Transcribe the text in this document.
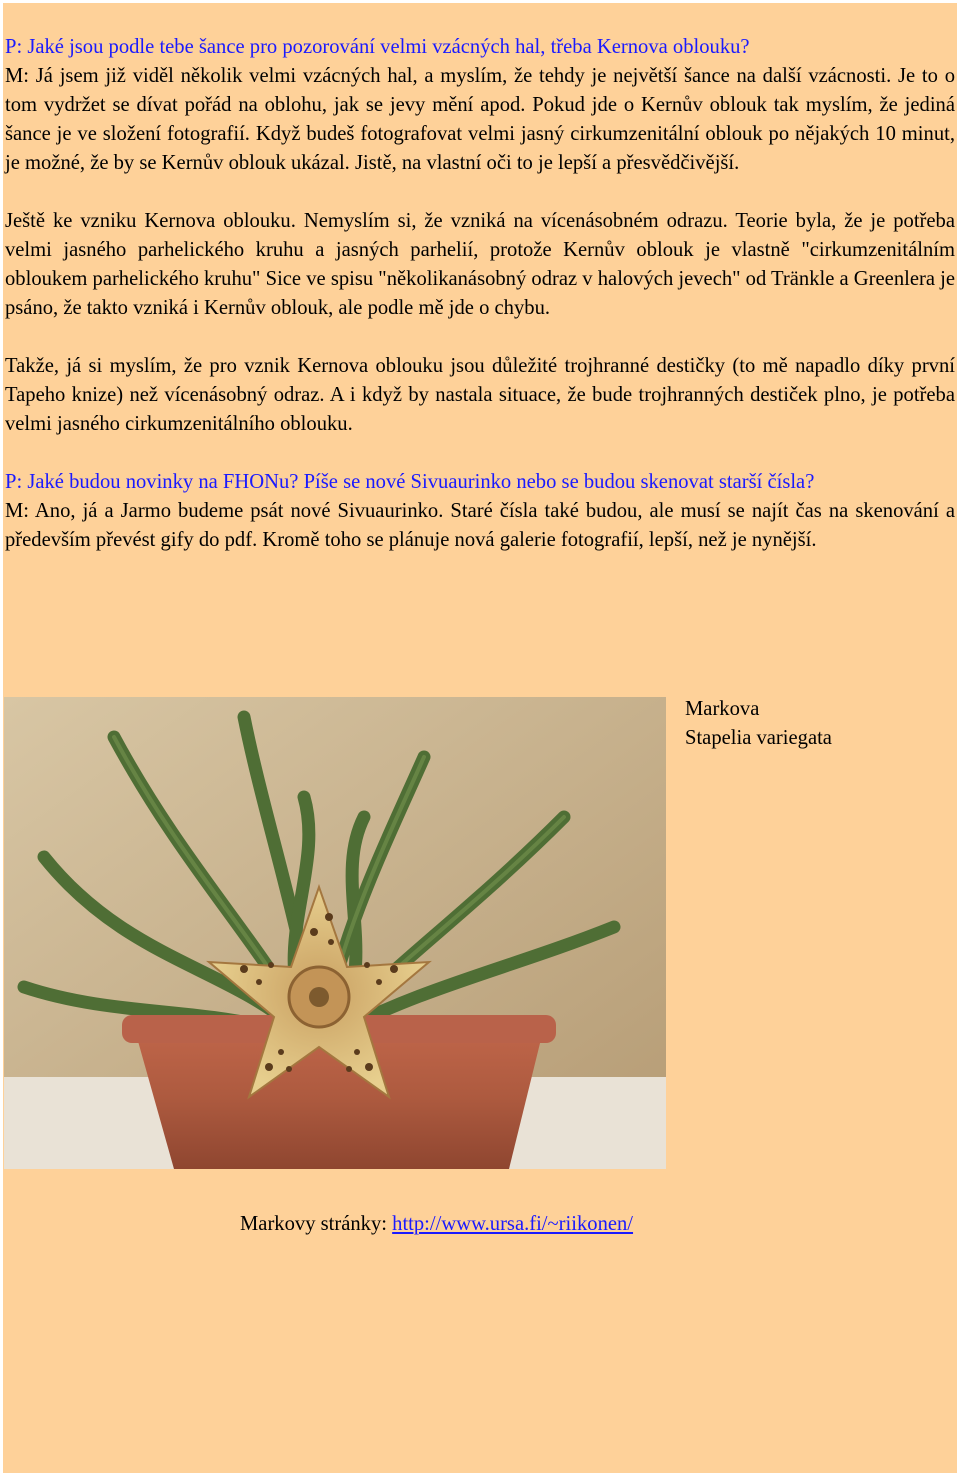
P: Jaké jsou podle tebe šance pro pozorování velmi vzácných hal, třeba Kernova oblouku?

M: Já jsem již viděl několik velmi vzácných hal, a myslím, že tehdy je největší šance na další vzácnosti. Je to o tom vydržet se dívat pořád na oblohu, jak se jevy mění apod. Pokud jde o Kernův oblouk tak myslím, že jediná šance je ve složení fotografií. Když budeš fotografovat velmi jasný cirkumzenitální oblouk po nějakých 10 minut, je možné, že by se Kernův oblouk ukázal. Jistě, na vlastní oči to je lepší a přesvědčivější.

Ještě ke vzniku Kernova oblouku. Nemyslím si, že vzniká na vícenásobném odrazu. Teorie byla, že je potřeba velmi jasného parhelického kruhu a jasných parhelií, protože Kernův oblouk je vlastně "cirkumzenitálním obloukem parhelického kruhu" Sice ve spisu "několikanásobný odraz v halových jevech" od Tränkle a Greenlera je psáno, že takto vzniká i Kernův oblouk, ale podle mě jde o chybu.

Takže, já si myslím, že pro vznik Kernova oblouku jsou důležité trojhranné destičky (to mě napadlo díky první Tapeho knize) než vícenásobný odraz. A i když by nastala situace, že bude trojhranných destiček plno, je potřeba velmi jasného cirkumzenitálního oblouku.

P: Jaké budou novinky na FHONu? Píše se nové Sivuaurinko nebo se budou skenovat starší čísla?

M: Ano, já a Jarmo budeme psát nové Sivuaurinko. Staré čísla také budou, ale musí se najít čas na skenování a především převést gify do pdf. Kromě toho se plánuje nová galerie fotografií, lepší, než je nynější.

Markova
Stapelia variegata
Markovy stránky: http://www.ursa.fi/~riikonen/
